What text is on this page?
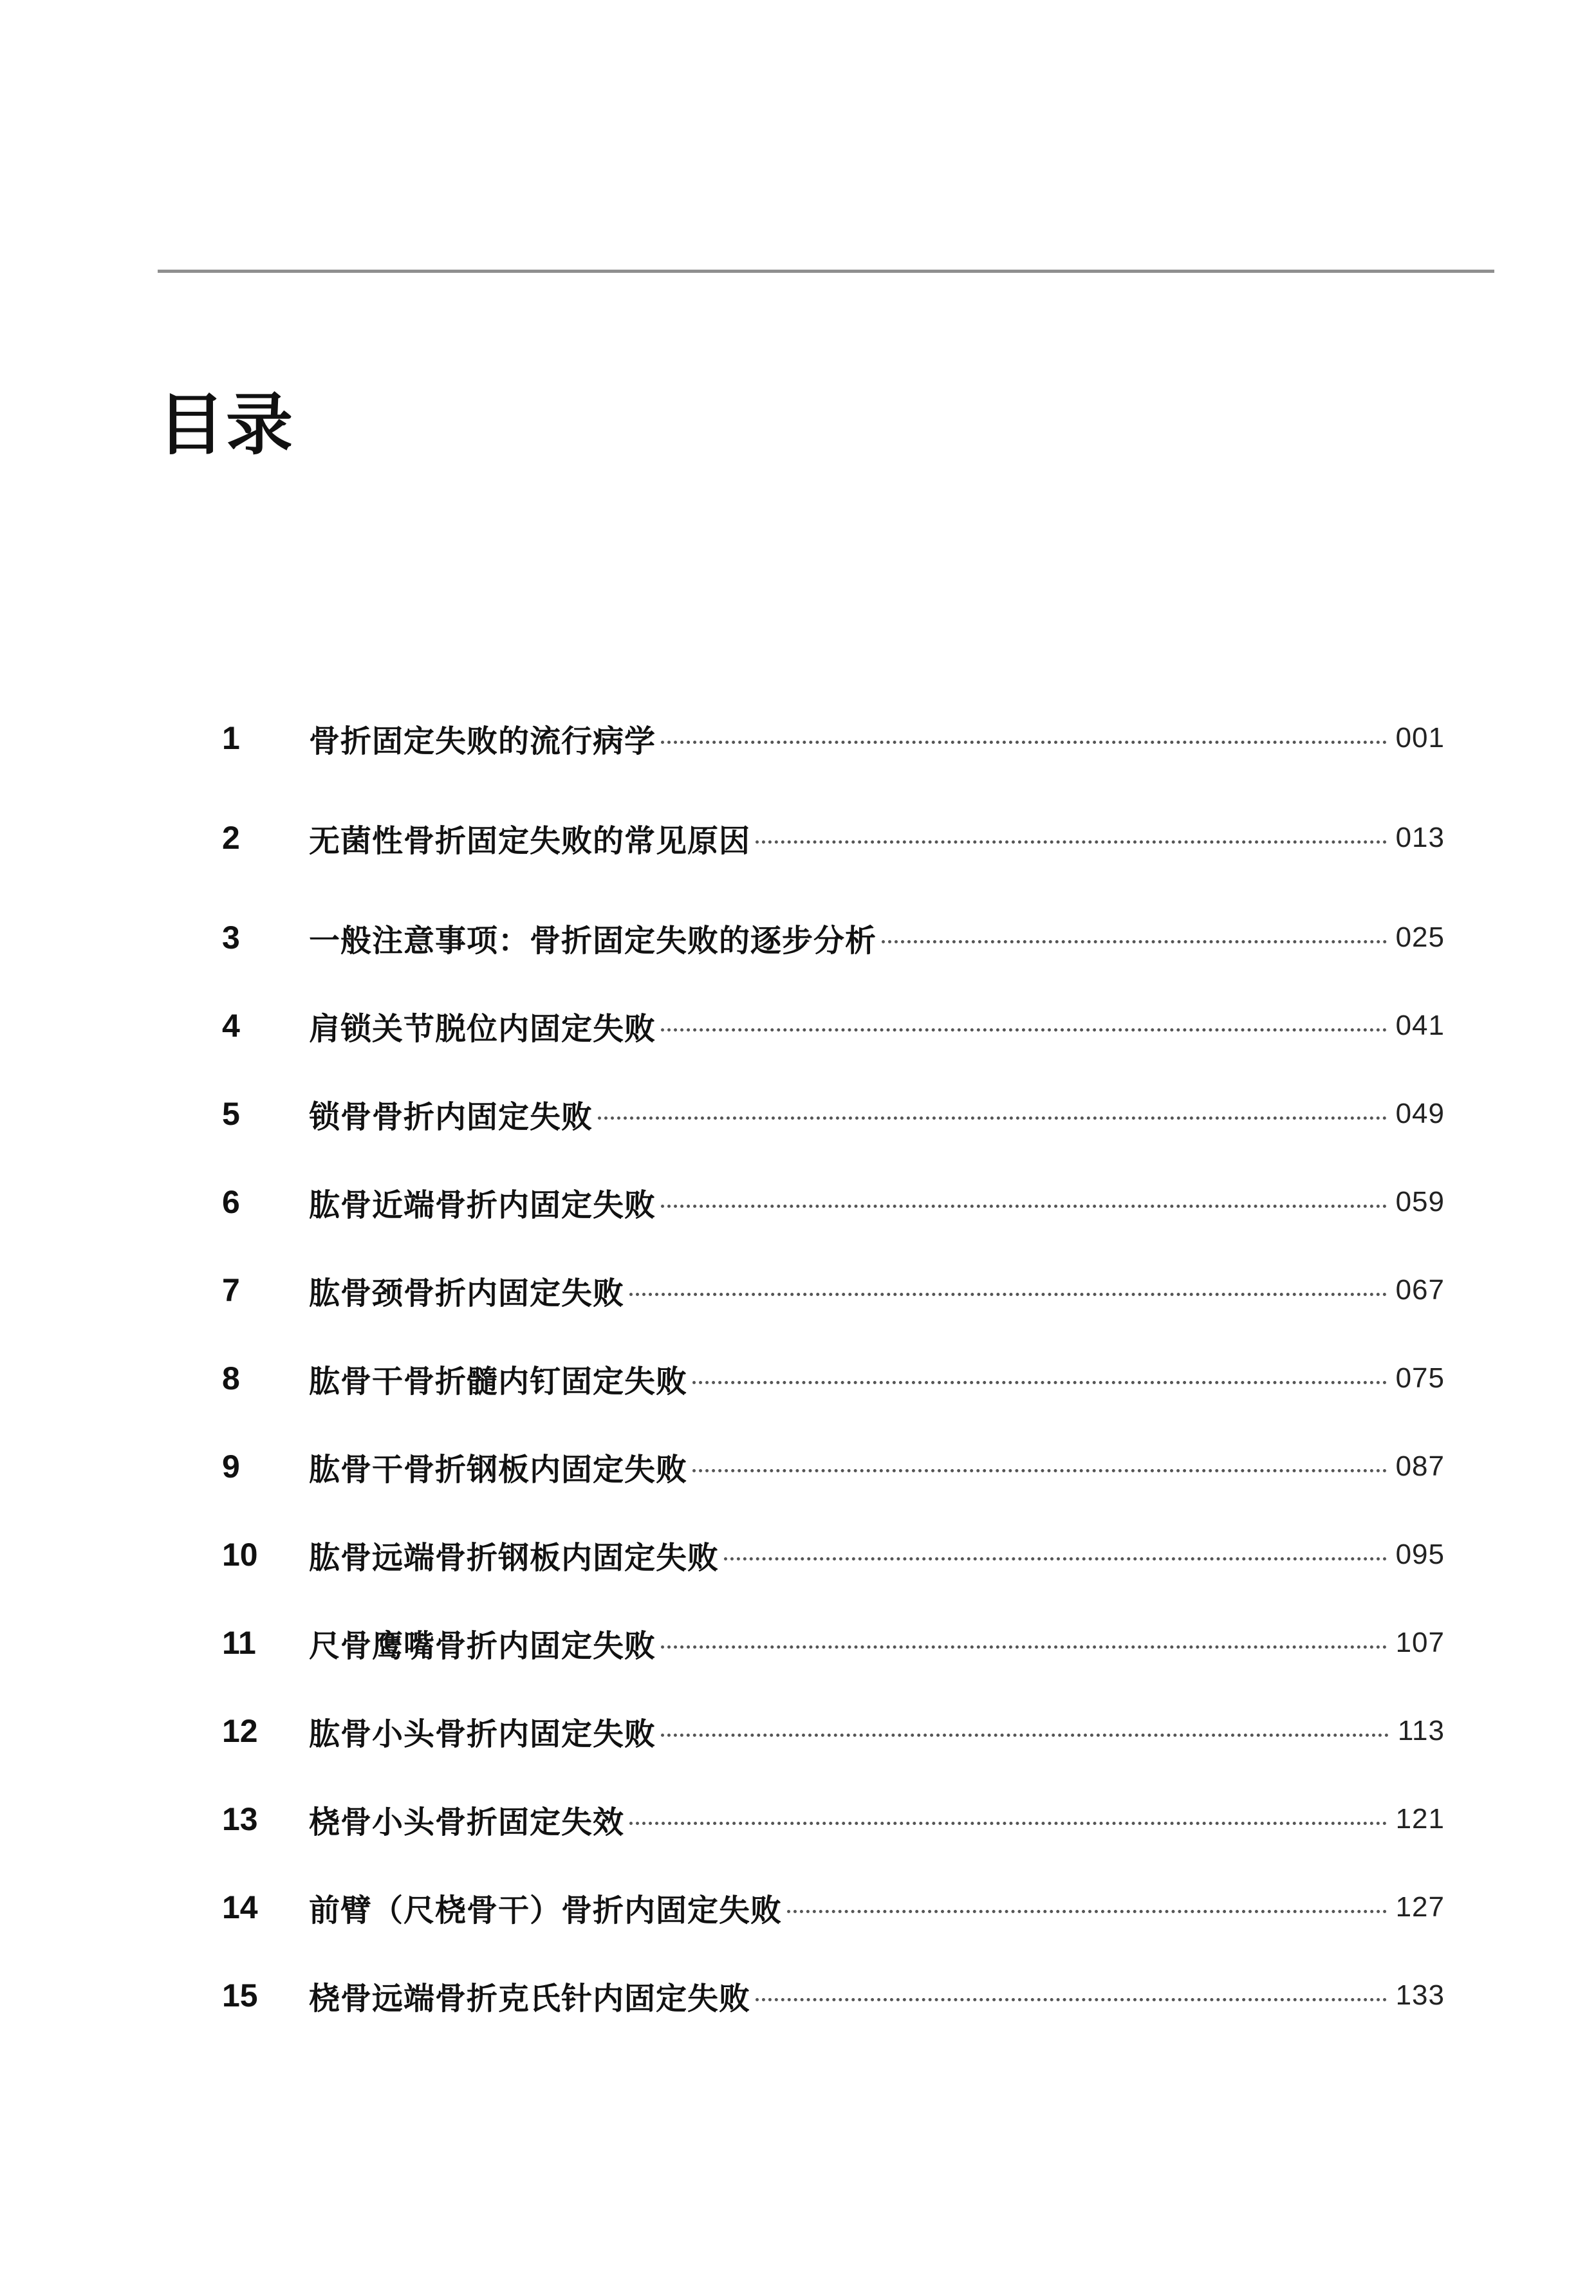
目录
1	骨折固定失败的流行病学	001
2	无菌性骨折固定失败的常见原因	013
3	一般注意事项：骨折固定失败的逐步分析	025
4	肩锁关节脱位内固定失败	041
5	锁骨骨折内固定失败	049
6	肱骨近端骨折内固定失败	059
7	肱骨颈骨折内固定失败	067
8	肱骨干骨折髓内钉固定失败	075
9	肱骨干骨折钢板内固定失败	087
10	肱骨远端骨折钢板内固定失败	095
11	尺骨鹰嘴骨折内固定失败	107
12	肱骨小头骨折内固定失败	113
13	桡骨小头骨折固定失效	121
14	前臂（尺桡骨干）骨折内固定失败	127
15	桡骨远端骨折克氏针内固定失败	133
